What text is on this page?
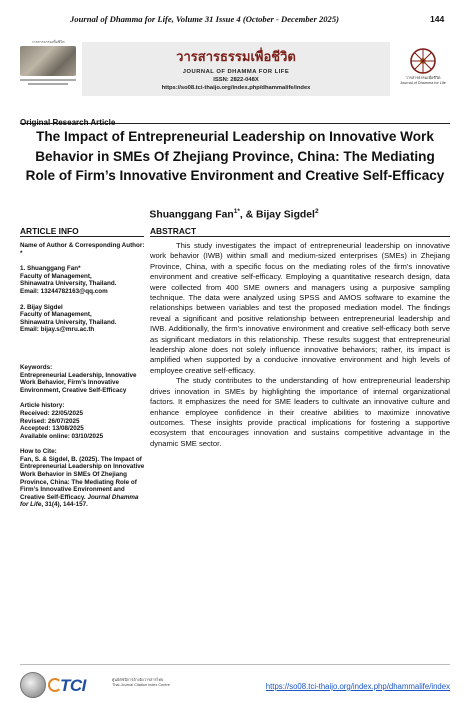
Journal of Dhamma for Life, Volume 31 Issue 4 (October - December 2025)	144
วารสารธรรมเพื่อชีวิต
วารสารธรรมเพื่อชีวิต
JOURNAL OF DHAMMA FOR LIFE
ISSN: 2822-048X
https://so08.tci-thaijo.org/index.php/dhammalife/index
วารสารธรรมเพื่อชีวิต
Journal of Dhamma for Life
Original Research Article
The Impact of Entrepreneurial Leadership on Innovative Work Behavior in SMEs Of Zhejiang Province, China: The Mediating Role of Firm’s Innovative Environment and Creative Self-Efficacy
Shuanggang Fan$^{1*}$, & Bijay Sigdel$^2$
ARTICLE INFO	ABSTRACT
Name of Author & Corresponding Author: *
1. Shuanggang Fan*
Faculty of Management,
Shinawatra University, Thailand.
Email: 13244782163@qq.com
2. Bijay Sigdel
Faculty of Management,
Shinawatra University, Thailand.
Email: bijay.s@mru.ac.th
Keywords:
Entrepreneurial Leadership, Innovative Work Behavior, Firm’s Innovative Environment, Creative Self-Efficacy
Article history:
Received: 22/05/2025
Revised: 26/07/2025
Accepted: 13/08/2025
Available online: 03/10/2025
How to Cite:
Fan, S. & Sigdel, B. (2025). The Impact of Entrepreneurial Leadership on Innovative Work Behavior in SMEs Of Zhejiang Province, China: The Mediating Role of Firm’s Innovative Environment and Creative Self-Efficacy. Journal Dhamma for Life, 31(4), 144-157.

This study investigates the impact of entrepreneurial leadership on innovative work behavior (IWB) within small and medium-sized enterprises (SMEs) in Zhejiang Province, China, with a specific focus on the mediating roles of the firm’s innovative environment and creative self-efficacy. Employing a quantitative research design, data were collected from 400 SME owners and managers using a purposive sampling technique. The data were analyzed using SPSS and AMOS software to examine the relationships between variables and test the proposed mediation model. The findings reveal a significant and positive relationship between entrepreneurial leadership and IWB. Additionally, the firm’s innovative environment and creative self-efficacy both serve as significant mediators in this relationship. These results suggest that entrepreneurial leadership alone does not solely influence innovative behaviors; rather, its impact is amplified when supported by a conducive innovative environment and high levels of employee creative self-efficacy.

The study contributes to the understanding of how entrepreneurial leadership drives innovation in SMEs by highlighting the importance of internal organizational factors. It emphasizes the need for SME leaders to cultivate an innovative culture and enhance employee confidence in their creative abilities to maximize innovative outcomes. These insights provide practical implications for fostering a supportive ecosystem that encourages innovation and sustains competitive advantage in the dynamic SME sector.

TCI	ศูนย์ดัชนีการอ้างอิงวารสารไทย
Thai-Journal Citation Index Centre	https://so08.tci-thaijo.org/index.php/dhammalife/index
